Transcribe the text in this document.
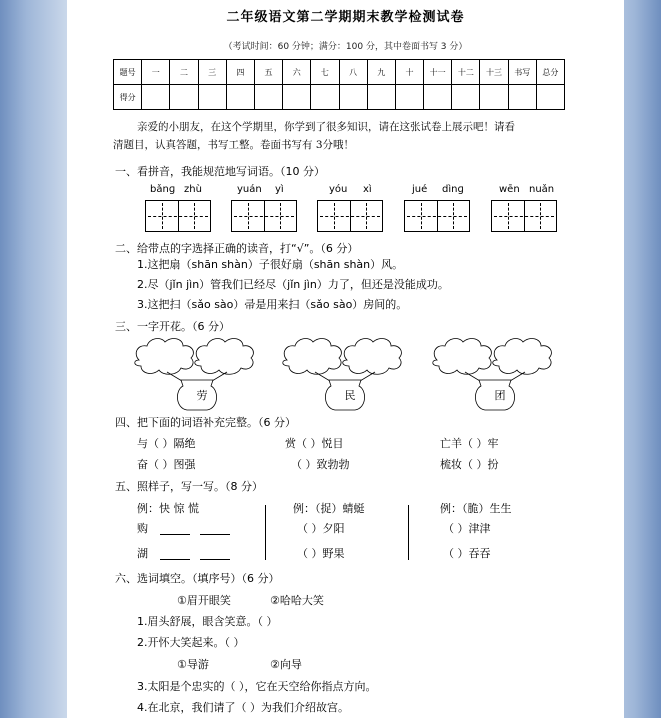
二年级语文第二学期期末教学检测试卷
（考试时间：60 分钟；满分：100 分，其中卷面书写 3 分）
题号	一	二	三	四	五	六	七	八	九	十	十一	十二	十三	书写	总分
得分															
亲爱的小朋友，在这个学期里，你学到了很多知识，请在这张试卷上展示吧！请看
清题目，认真答题，书写工整。卷面书写有 3分哦！
一、看拼音，我能规范地写词语。（10 分）
bǎnɡ zhù	yuán yì	yóu xì	jué dìnɡ	wēn nuǎn
二、给带点的字选择正确的读音，打“√”。（6 分）
1.这把扇（shān shàn）子很好扇（shān shàn）风。
2.尽（jǐn jìn）管我们已经尽（jǐn jìn）力了，但还是没能成功。
3.这把扫（sǎo sào）帚是用来扫（sǎo sào）房间的。
三、一字开花。（6 分）
劳	民	团
四、把下面的词语补充完整。（6 分）
与（ ）隔绝	赏（ ）悦目	亡羊（ ）牢
奋（ ）图强	（ ）致勃勃	梳妆（ ）扮
五、照样子，写一写。（8 分）
例：快 惊 慌
购
湖
例：（捉）蜻蜓
（ ）夕阳
（ ）野果
例：（脆）生生
（ ）津津
（ ）吞吞
六、选词填空。（填序号）（6 分）
①眉开眼笑	②哈哈大笑
1.眉头舒展，眼含笑意。（ ）
2.开怀大笑起来。（ ）
①导游	②向导
3.太阳是个忠实的（ ），它在天空给你指点方向。
4.在北京，我们请了（ ）为我们介绍故宫。
